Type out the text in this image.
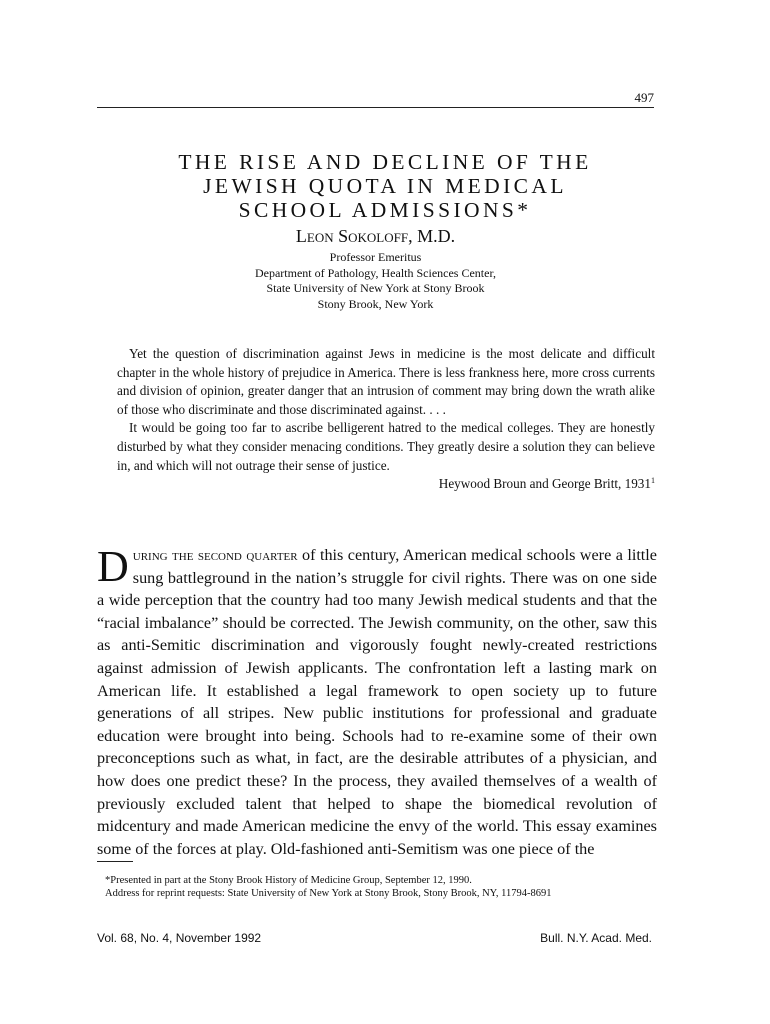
497
THE RISE AND DECLINE OF THE
JEWISH QUOTA IN MEDICAL
SCHOOL ADMISSIONS*
Leon Sokoloff, M.D.
Professor Emeritus
Department of Pathology, Health Sciences Center,
State University of New York at Stony Brook
Stony Brook, New York

Yet the question of discrimination against Jews in medicine is the most delicate and difficult chapter in the whole history of prejudice in America. There is less frankness here, more cross currents and division of opinion, greater danger that an intrusion of comment may bring down the wrath alike of those who discriminate and those discriminated against. . . .

It would be going too far to ascribe belligerent hatred to the medical colleges. They are honestly disturbed by what they consider menacing conditions. They greatly desire a solution they can believe in, and which will not outrage their sense of justice.

Heywood Broun and George Britt, 1931$^1$

During the second quarter of this century, American medical schools were a little sung battleground in the nation’s struggle for civil rights. There was on one side a wide perception that the country had too many Jewish medical students and that the “racial imbalance” should be corrected. The Jewish community, on the other, saw this as anti-Semitic discrimination and vigorously fought newly-created restrictions against admission of Jewish applicants. The confrontation left a lasting mark on American life. It established a legal framework to open society up to future generations of all stripes. New public institutions for professional and graduate education were brought into being. Schools had to re-examine some of their own preconceptions such as what, in fact, are the desirable attributes of a physician, and how does one predict these? In the process, they availed themselves of a wealth of previously excluded talent that helped to shape the biomedical revolution of midcentury and made American medicine the envy of the world. This essay examines some of the forces at play. Old-fashioned anti-Semitism was one piece of the

*Presented in part at the Stony Brook History of Medicine Group, September 12, 1990.
Address for reprint requests: State University of New York at Stony Brook, Stony Brook, NY, 11794-8691
Vol. 68, No. 4, November 1992	Bull. N.Y. Acad. Med.
